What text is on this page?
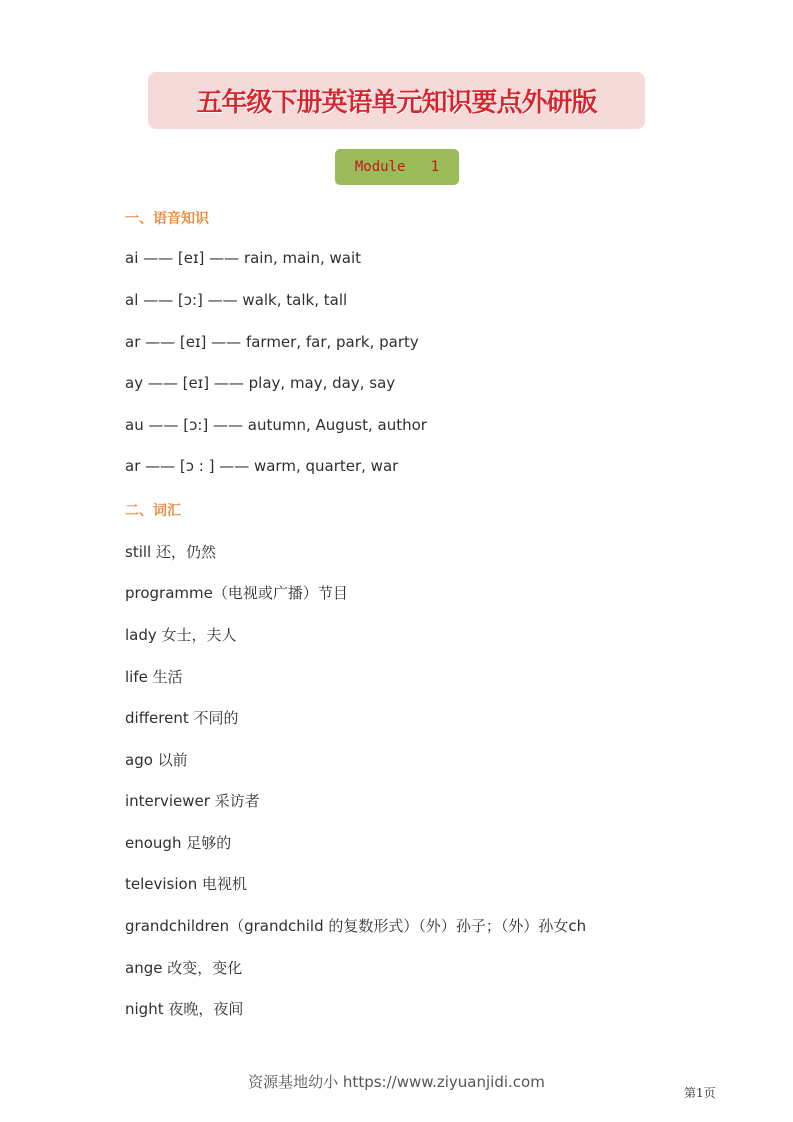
五年级下册英语单元知识要点外研版
Module   1
一、语音知识
ai —— [eɪ] —— rain, main, wait
al —— [ɔ:] —— walk, talk, tall
ar —— [eɪ] —— farmer, far, park, party
ay —— [eɪ] —— play, may, day, say
au —— [ɔ:] —— autumn, August, author
ar —— [ɔ : ] —— warm, quarter, war
二、词汇
still 还，仍然
programme（电视或广播）节目
lady 女士，夫人
life 生活
different 不同的
ago 以前
interviewer 采访者
enough 足够的
television 电视机
grandchildren（grandchild 的复数形式）（外）孙子；（外）孙女ch
ange 改变，变化
night 夜晚，夜间
资源基地幼小 https://www.ziyuanjidi.com
第1页
